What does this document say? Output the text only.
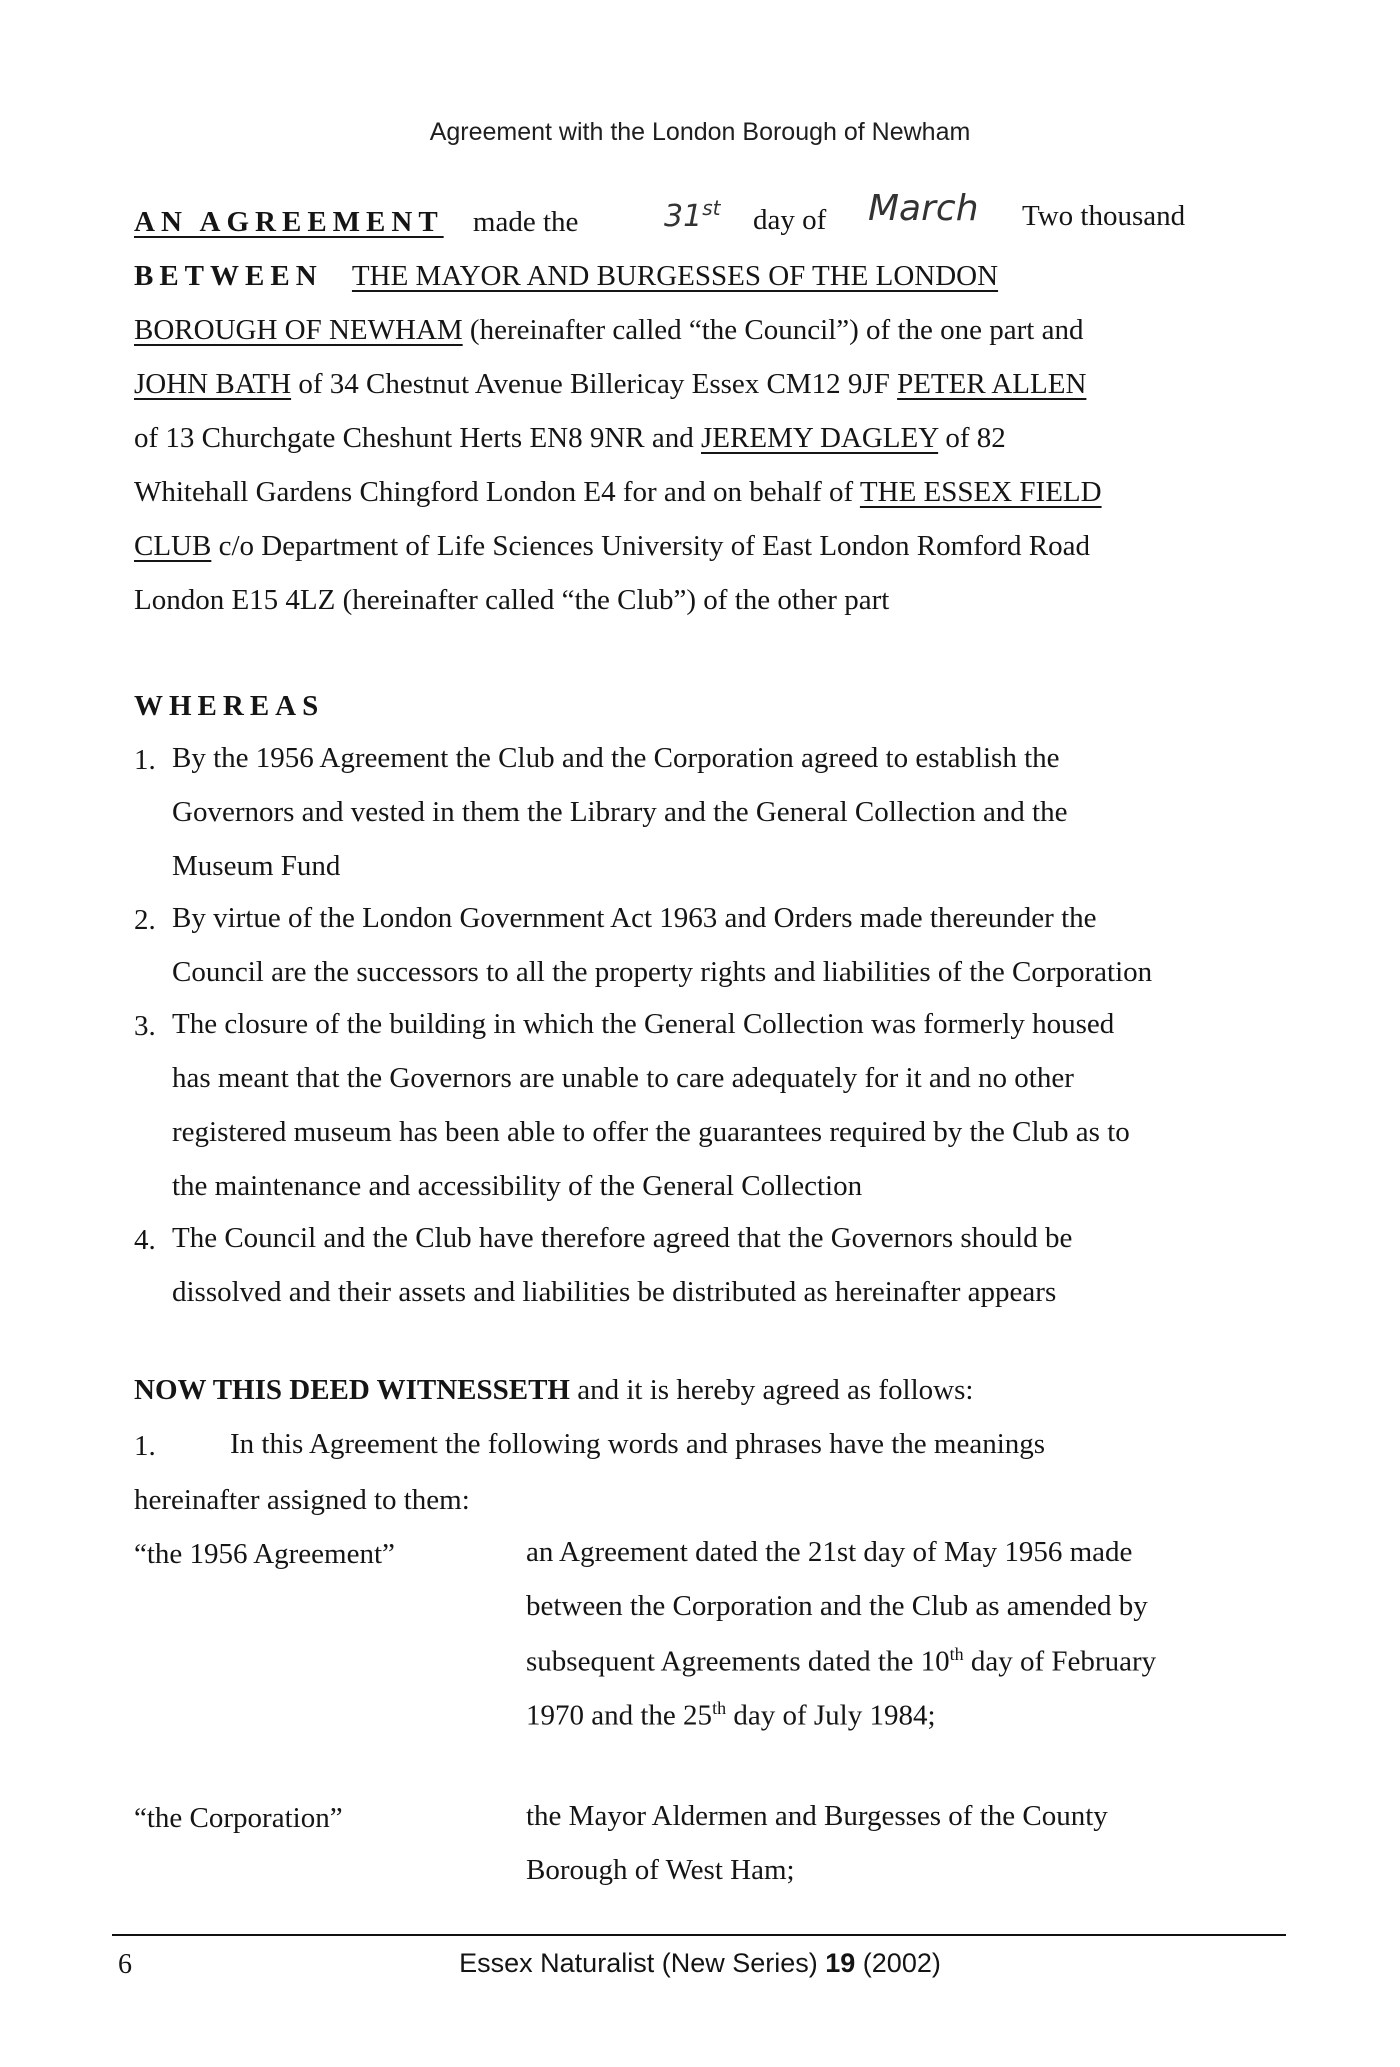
Agreement with the London Borough of Newham
AN AGREEMENT made the	31st day of March Two thousand
BETWEEN THE MAYOR AND BURGESSES OF THE LONDON
BOROUGH OF NEWHAM (hereinafter called “the Council”) of the one part and
JOHN BATH of 34 Chestnut Avenue Billericay Essex CM12 9JF PETER ALLEN
of 13 Churchgate Cheshunt Herts EN8 9NR and JEREMY DAGLEY of 82
Whitehall Gardens Chingford London E4 for and on behalf of THE ESSEX FIELD
CLUB c/o Department of Life Sciences University of East London Romford Road
London E15 4LZ (hereinafter called “the Club”) of the other part
WHEREAS
1. By the 1956 Agreement the Club and the Corporation agreed to establish the
Governors and vested in them the Library and the General Collection and the
Museum Fund
2. By virtue of the London Government Act 1963 and Orders made thereunder the
Council are the successors to all the property rights and liabilities of the Corporation
3. The closure of the building in which the General Collection was formerly housed
has meant that the Governors are unable to care adequately for it and no other
registered museum has been able to offer the guarantees required by the Club as to
the maintenance and accessibility of the General Collection
4. The Council and the Club have therefore agreed that the Governors should be
dissolved and their assets and liabilities be distributed as hereinafter appears
NOW THIS DEED WITNESSETH and it is hereby agreed as follows:
1.	In this Agreement the following words and phrases have the meanings
hereinafter assigned to them:
“the 1956 Agreement”	an Agreement dated the 21st day of May 1956 made
between the Corporation and the Club as amended by
subsequent Agreements dated the 10th day of February
1970 and the 25th day of July 1984;
“the Corporation”	the Mayor Aldermen and Burgesses of the County
Borough of West Ham;
6	Essex Naturalist (New Series) 19 (2002)
